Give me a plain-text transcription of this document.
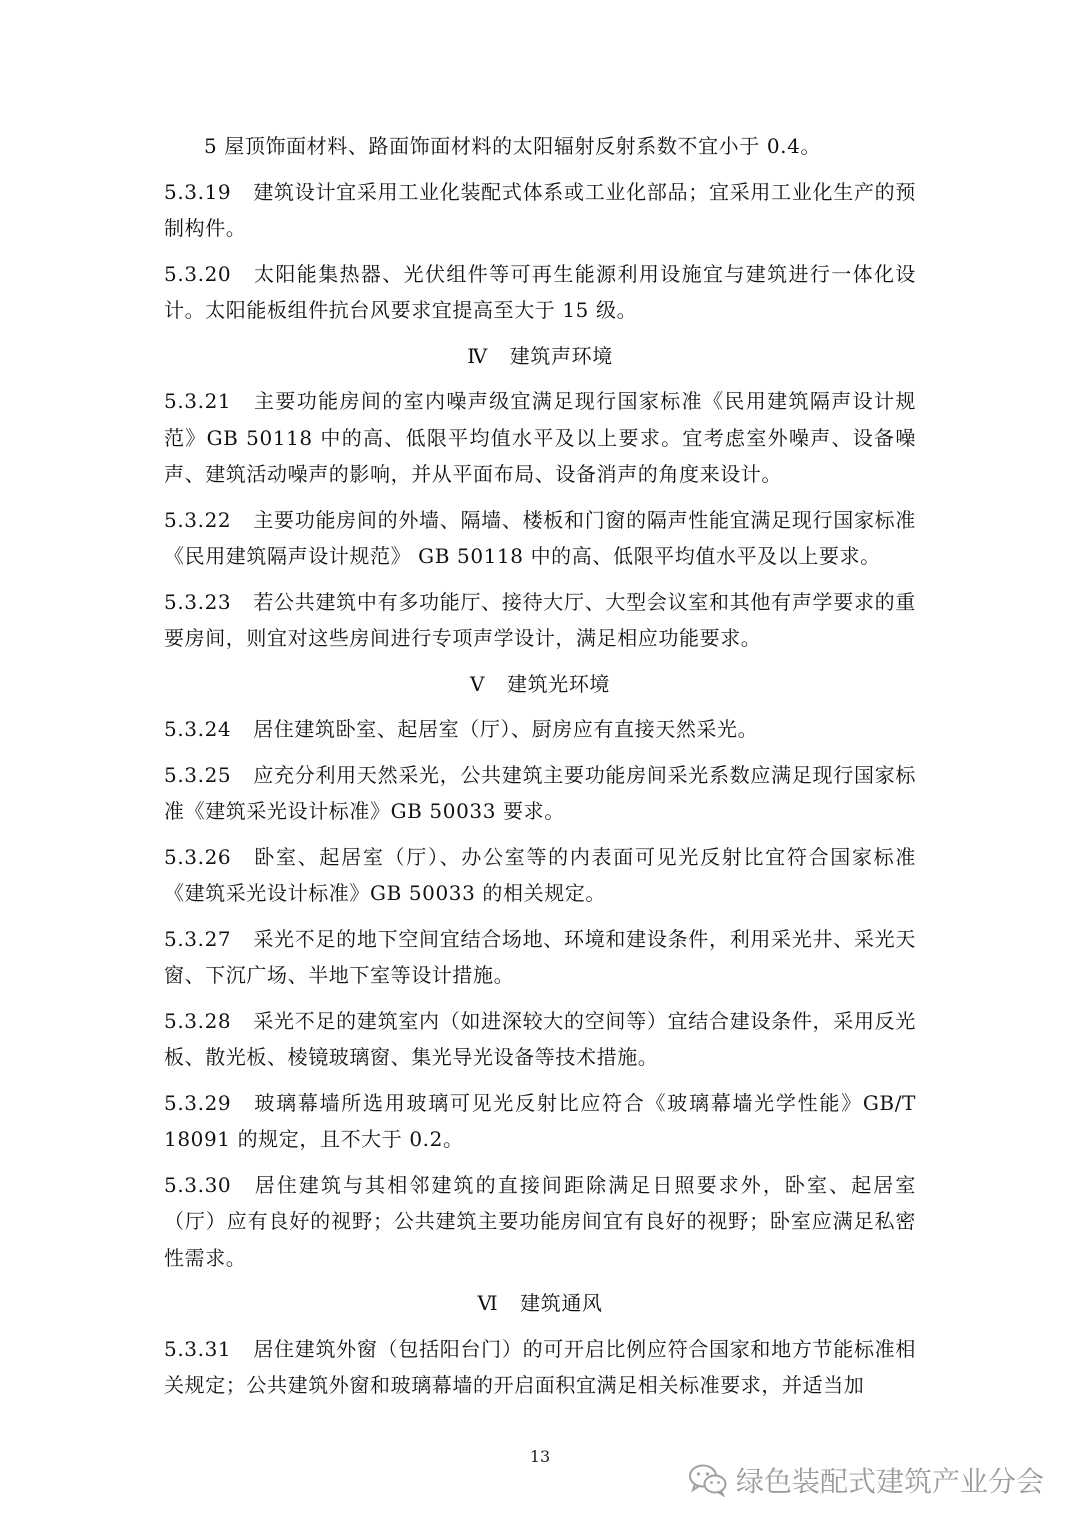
5 屋顶饰面材料、路面饰面材料的太阳辐射反射系数不宜小于 0.4。
5.3.19 建筑设计宜采用工业化装配式体系或工业化部品；宜采用工业化生产的预制构件。
5.3.20 太阳能集热器、光伏组件等可再生能源利用设施宜与建筑进行一体化设计。太阳能板组件抗台风要求宜提高至大于 15 级。
Ⅳ 建筑声环境
5.3.21 主要功能房间的室内噪声级宜满足现行国家标准《民用建筑隔声设计规范》GB 50118 中的高、低限平均值水平及以上要求。宜考虑室外噪声、设备噪声、建筑活动噪声的影响，并从平面布局、设备消声的角度来设计。
5.3.22 主要功能房间的外墙、隔墙、楼板和门窗的隔声性能宜满足现行国家标准《民用建筑隔声设计规范》 GB 50118 中的高、低限平均值水平及以上要求。
5.3.23 若公共建筑中有多功能厅、接待大厅、大型会议室和其他有声学要求的重要房间，则宜对这些房间进行专项声学设计，满足相应功能要求。
Ⅴ 建筑光环境
5.3.24 居住建筑卧室、起居室（厅）、厨房应有直接天然采光。
5.3.25 应充分利用天然采光，公共建筑主要功能房间采光系数应满足现行国家标准《建筑采光设计标准》GB 50033 要求。
5.3.26 卧室、起居室（厅）、办公室等的内表面可见光反射比宜符合国家标准《建筑采光设计标准》GB 50033 的相关规定。
5.3.27 采光不足的地下空间宜结合场地、环境和建设条件，利用采光井、采光天窗、下沉广场、半地下室等设计措施。
5.3.28 采光不足的建筑室内（如进深较大的空间等）宜结合建设条件，采用反光板、散光板、棱镜玻璃窗、集光导光设备等技术措施。
5.3.29 玻璃幕墙所选用玻璃可见光反射比应符合《玻璃幕墙光学性能》GB/T 18091 的规定，且不大于 0.2。
5.3.30 居住建筑与其相邻建筑的直接间距除满足日照要求外，卧室、起居室（厅）应有良好的视野；公共建筑主要功能房间宜有良好的视野；卧室应满足私密性需求。
Ⅵ 建筑通风
5.3.31 居住建筑外窗（包括阳台门）的可开启比例应符合国家和地方节能标准相关规定；公共建筑外窗和玻璃幕墙的开启面积宜满足相关标准要求，并适当加
13
绿色装配式建筑产业分会
